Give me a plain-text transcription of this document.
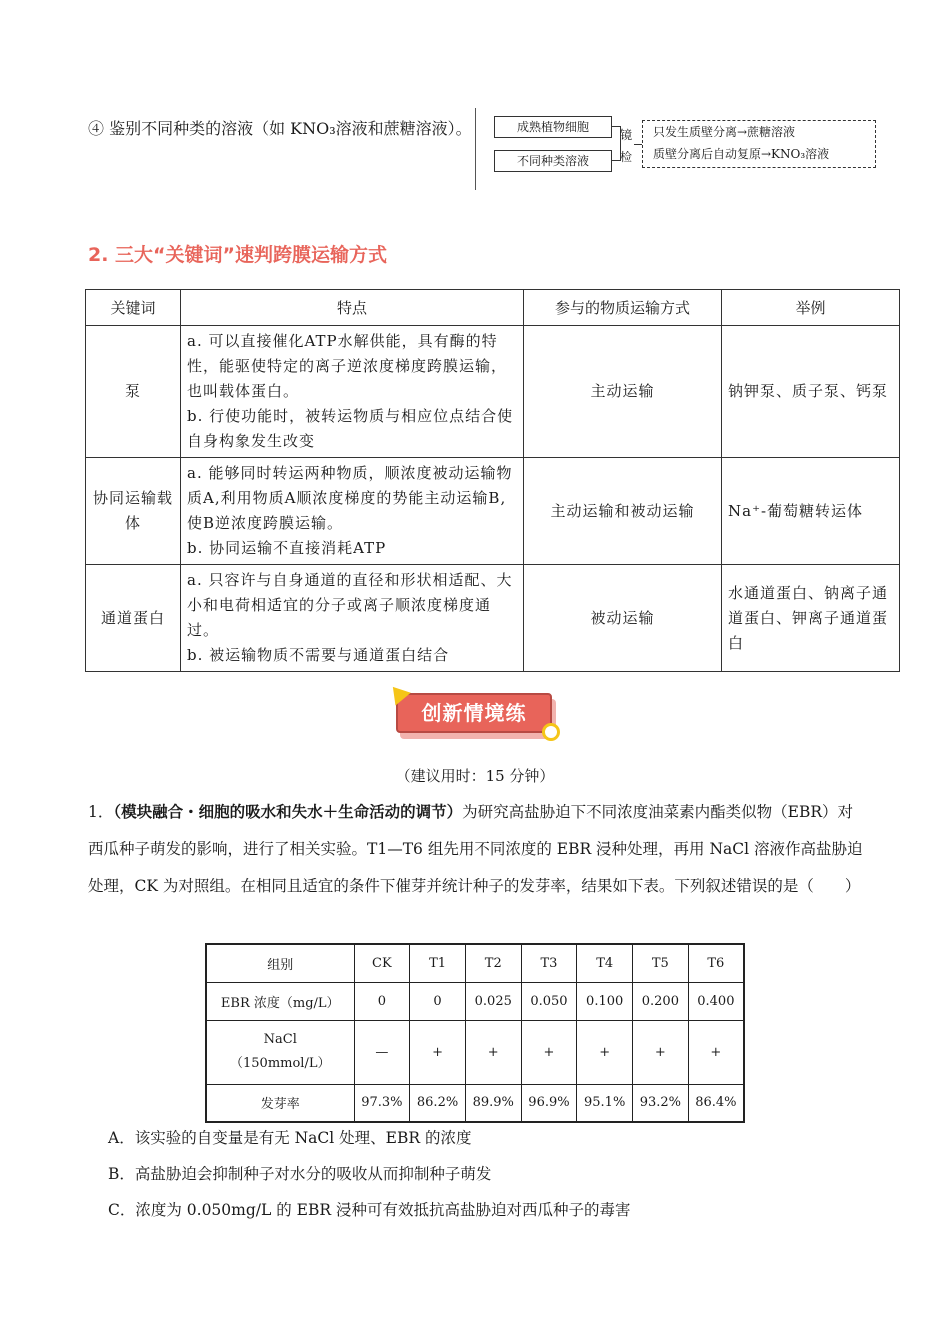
④ 鉴别不同种类的溶液（如 KNO₃溶液和蔗糖溶液）。	成熟植物细胞
不同种类溶液
镜
检
只发生质壁分离→蔗糖溶液
质壁分离后自动复原→KNO₃溶液
2. 三大“关键词”速判跨膜运输方式
关键词	特点	参与的物质运输方式	举例
泵	a. 可以直接催化ATP水解供能，具有酶的特性，能驱使特定的离子逆浓度梯度跨膜运输，也叫载体蛋白。
b. 行使功能时，被转运物质与相应位点结合使自身构象发生改变	主动运输	钠钾泵、质子泵、钙泵
协同运输载体	a. 能够同时转运两种物质，顺浓度被动运输物质A,利用物质A顺浓度梯度的势能主动运输B,使B逆浓度跨膜运输。
b. 协同运输不直接消耗ATP	主动运输和被动运输	Na⁺-葡萄糖转运体
通道蛋白	a. 只容许与自身通道的直径和形状相适配、大小和电荷相适宜的分子或离子顺浓度梯度通过。
b. 被运输物质不需要与通道蛋白结合	被动运输	水通道蛋白、钠离子通道蛋白、钾离子通道蛋白
创新情境练
（建议用时：15 分钟）
1．（模块融合・细胞的吸水和失水＋生命活动的调节）为研究高盐胁迫下不同浓度油菜素内酯类似物（EBR）对西瓜种子萌发的影响，进行了相关实验。T1—T6 组先用不同浓度的 EBR 浸种处理，再用 NaCl 溶液作高盐胁迫处理，CK 为对照组。在相同且适宜的条件下催芽并统计种子的发芽率，结果如下表。下列叙述错误的是（　　）
组别	CK	T1	T2	T3	T4	T5	T6
EBR 浓度（mg/L）	0	0	0.025	0.050	0.100	0.200	0.400
NaCl（150mmol/L）	—	+	+	+	+	+	+
发芽率	97.3%	86.2%	89.9%	96.9%	95.1%	93.2%	86.4%
A．该实验的自变量是有无 NaCl 处理、EBR 的浓度
B．高盐胁迫会抑制种子对水分的吸收从而抑制种子萌发
C．浓度为 0.050mg/L 的 EBR 浸种可有效抵抗高盐胁迫对西瓜种子的毒害
